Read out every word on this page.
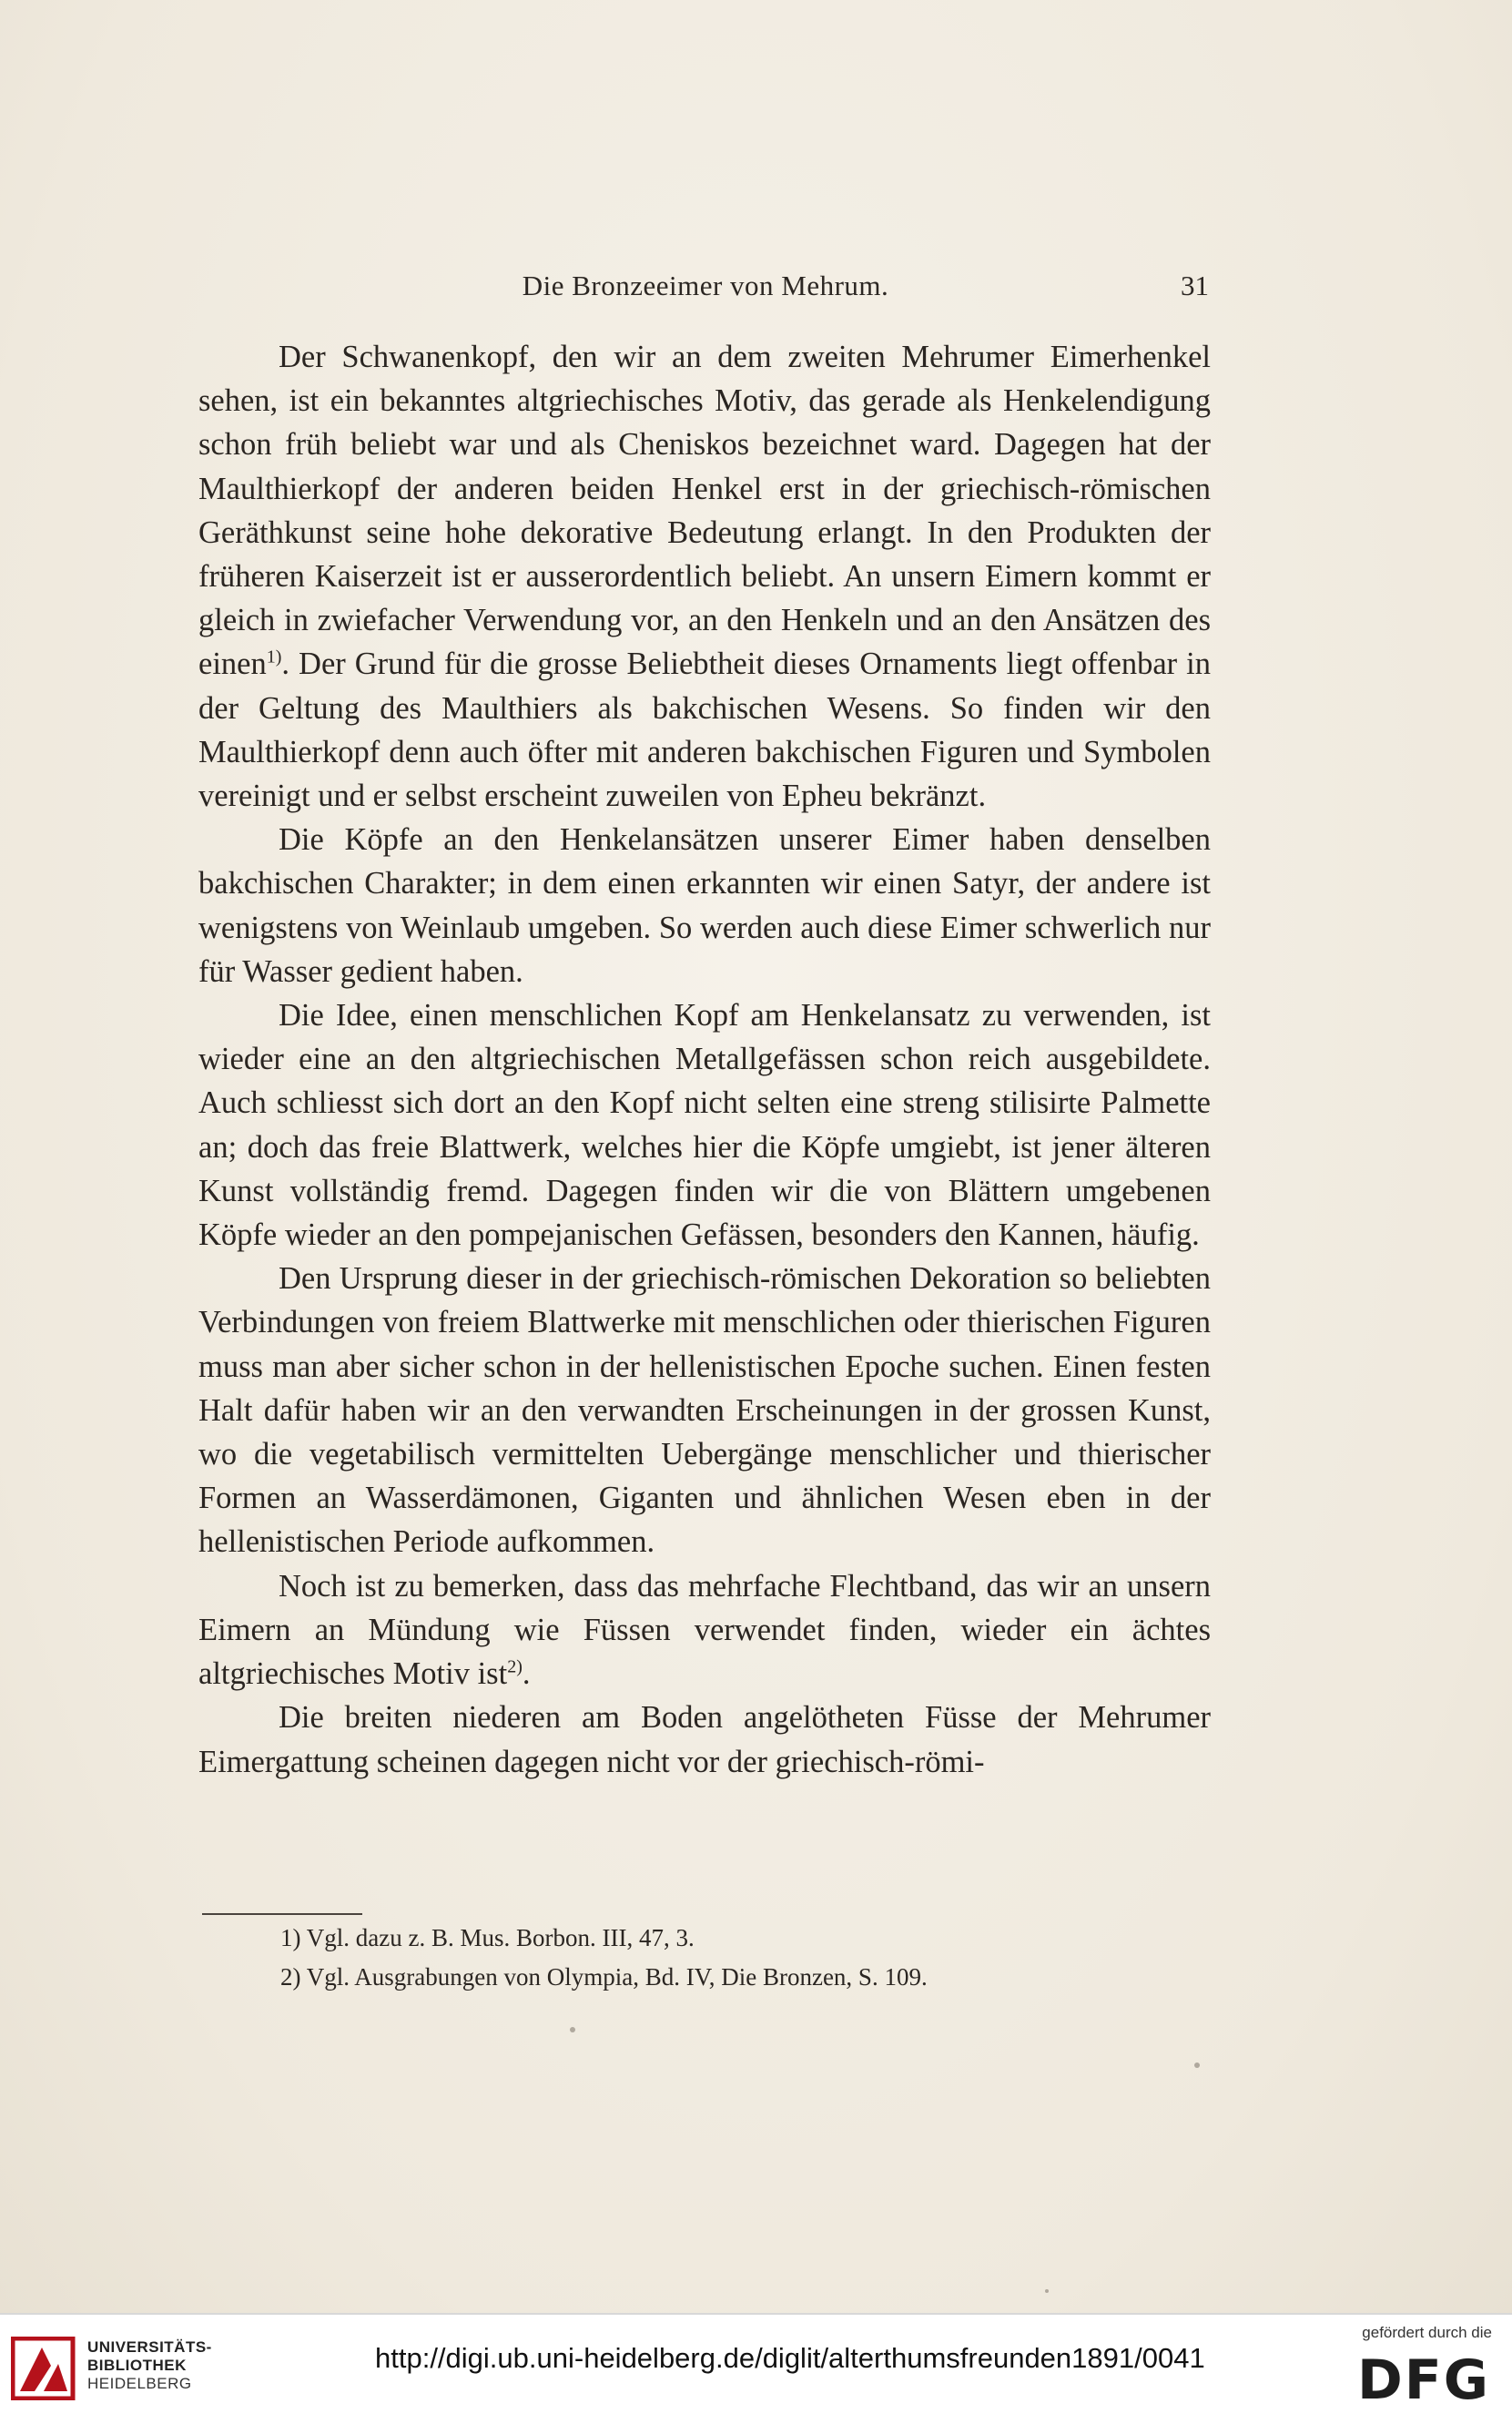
Die Bronzeeimer von Mehrum.	31

Der Schwanenkopf, den wir an dem zweiten Mehrumer Eimerhenkel sehen, ist ein bekanntes altgriechisches Motiv, das gerade als Henkelendigung schon früh beliebt war und als Cheniskos bezeichnet ward. Dagegen hat der Maulthierkopf der anderen beiden Henkel erst in der griechisch-römischen Geräthkunst seine hohe dekorative Bedeutung erlangt. In den Produkten der früheren Kaiserzeit ist er ausserordentlich beliebt. An unsern Eimern kommt er gleich in zwiefacher Verwendung vor, an den Henkeln und an den Ansätzen des einen$^{1)}$. Der Grund für die grosse Beliebtheit dieses Ornaments liegt offenbar in der Geltung des Maulthiers als bakchischen Wesens. So finden wir den Maulthierkopf denn auch öfter mit anderen bakchischen Figuren und Symbolen vereinigt und er selbst erscheint zuweilen von Epheu bekränzt.

Die Köpfe an den Henkelansätzen unserer Eimer haben denselben bakchischen Charakter; in dem einen erkannten wir einen Satyr, der andere ist wenigstens von Weinlaub umgeben. So werden auch diese Eimer schwerlich nur für Wasser gedient haben.

Die Idee, einen menschlichen Kopf am Henkelansatz zu verwenden, ist wieder eine an den altgriechischen Metallgefässen schon reich ausgebildete. Auch schliesst sich dort an den Kopf nicht selten eine streng stilisirte Palmette an; doch das freie Blattwerk, welches hier die Köpfe umgiebt, ist jener älteren Kunst vollständig fremd. Dagegen finden wir die von Blättern umgebenen Köpfe wieder an den pompejanischen Gefässen, besonders den Kannen, häufig.

Den Ursprung dieser in der griechisch-römischen Dekoration so beliebten Verbindungen von freiem Blattwerke mit menschlichen oder thierischen Figuren muss man aber sicher schon in der hellenistischen Epoche suchen. Einen festen Halt dafür haben wir an den verwandten Erscheinungen in der grossen Kunst, wo die vegetabilisch vermittelten Uebergänge menschlicher und thierischer Formen an Wasserdämonen, Giganten und ähnlichen Wesen eben in der hellenistischen Periode aufkommen.

Noch ist zu bemerken, dass das mehrfache Flechtband, das wir an unsern Eimern an Mündung wie Füssen verwendet finden, wieder ein ächtes altgriechisches Motiv ist$^{2)}$.

Die breiten niederen am Boden angelötheten Füsse der Mehrumer Eimergattung scheinen dagegen nicht vor der griechisch-römi-

1) Vgl. dazu z. B. Mus. Borbon. III, 47, 3.
2) Vgl. Ausgrabungen von Olympia, Bd. IV, Die Bronzen, S. 109.
UNIVERSITÄTS-
BIBLIOTHEK
HEIDELBERG
http://digi.ub.uni-heidelberg.de/diglit/alterthumsfreunden1891/0041
gefördert durch die
DFG
